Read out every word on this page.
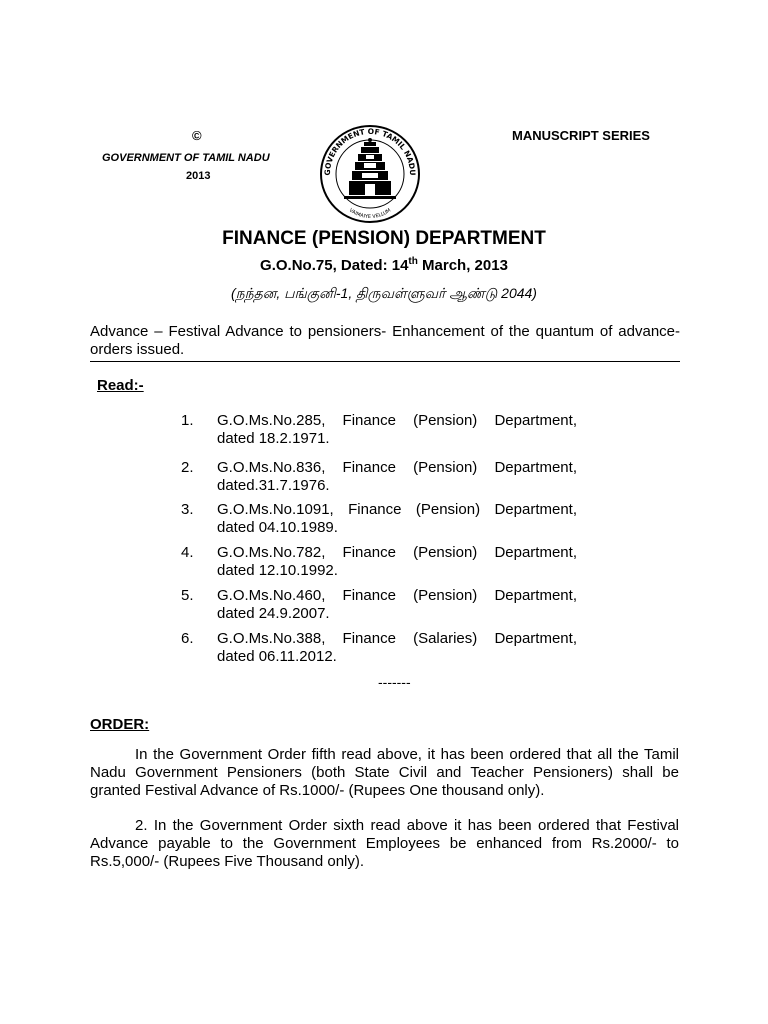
©
GOVERNMENT OF TAMIL NADU
2013
MANUSCRIPT SERIES
GOVERNMENT OF TAMIL NADU
VAIMAIYE VELLUM
FINANCE (PENSION) DEPARTMENT
G.O.No.75, Dated: 14th March, 2013
(நந்தன, பங்குனி-1, திருவள்ளுவர் ஆண்டு 2044)
Advance – Festival Advance to pensioners- Enhancement of the quantum of advance- orders issued.
Read:-
1. G.O.Ms.No.285, Finance (Pension) Department,
dated 18.2.1971.
2. G.O.Ms.No.836, Finance (Pension) Department,
dated.31.7.1976.
3. G.O.Ms.No.1091, Finance (Pension) Department,
dated 04.10.1989.
4. G.O.Ms.No.782, Finance (Pension) Department,
dated 12.10.1992.
5. G.O.Ms.No.460, Finance (Pension) Department,
dated 24.9.2007.
6. G.O.Ms.No.388, Finance (Salaries) Department,
dated 06.11.2012.
-------
ORDER:
In the Government Order fifth read above, it has been ordered that all the Tamil Nadu Government Pensioners (both State Civil and Teacher Pensioners) shall be granted Festival Advance of Rs.1000/- (Rupees One thousand only).
2. In the Government Order sixth read above it has been ordered that Festival Advance payable to the Government Employees be enhanced from Rs.2000/- to Rs.5,000/- (Rupees Five Thousand only).
